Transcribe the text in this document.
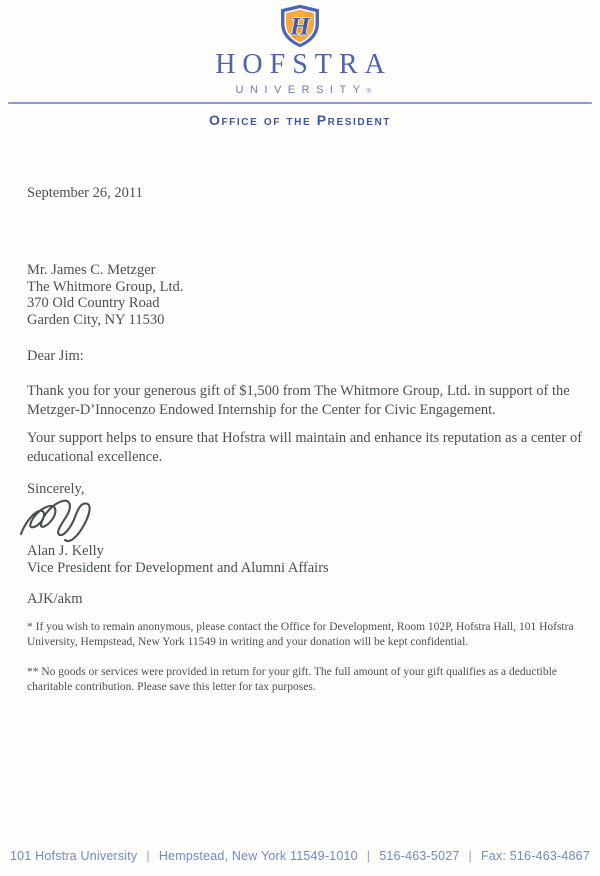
H
HOFSTRA
UNIVERSITY®
Office of the President
September 26, 2011
Mr. James C. Metzger
The Whitmore Group, Ltd.
370 Old Country Road
Garden City, NY 11530
Dear Jim:
Thank you for your generous gift of $1,500 from The Whitmore Group, Ltd. in support of the Metzger-D’Innocenzo Endowed Internship for the Center for Civic Engagement.
Your support helps to ensure that Hofstra will maintain and enhance its reputation as a center of educational excellence.
Sincerely,
Alan J. Kelly
Vice President for Development and Alumni Affairs
AJK/akm
* If you wish to remain anonymous, please contact the Office for Development, Room 102P, Hofstra Hall, 101 Hofstra University, Hempstead, New York 11549 in writing and your donation will be kept confidential.
** No goods or services were provided in return for your gift. The full amount of your gift qualifies as a deductible charitable contribution. Please save this letter for tax purposes.
101 Hofstra University | Hempstead, New York 11549-1010 | 516-463-5027 | Fax: 516-463-4867
